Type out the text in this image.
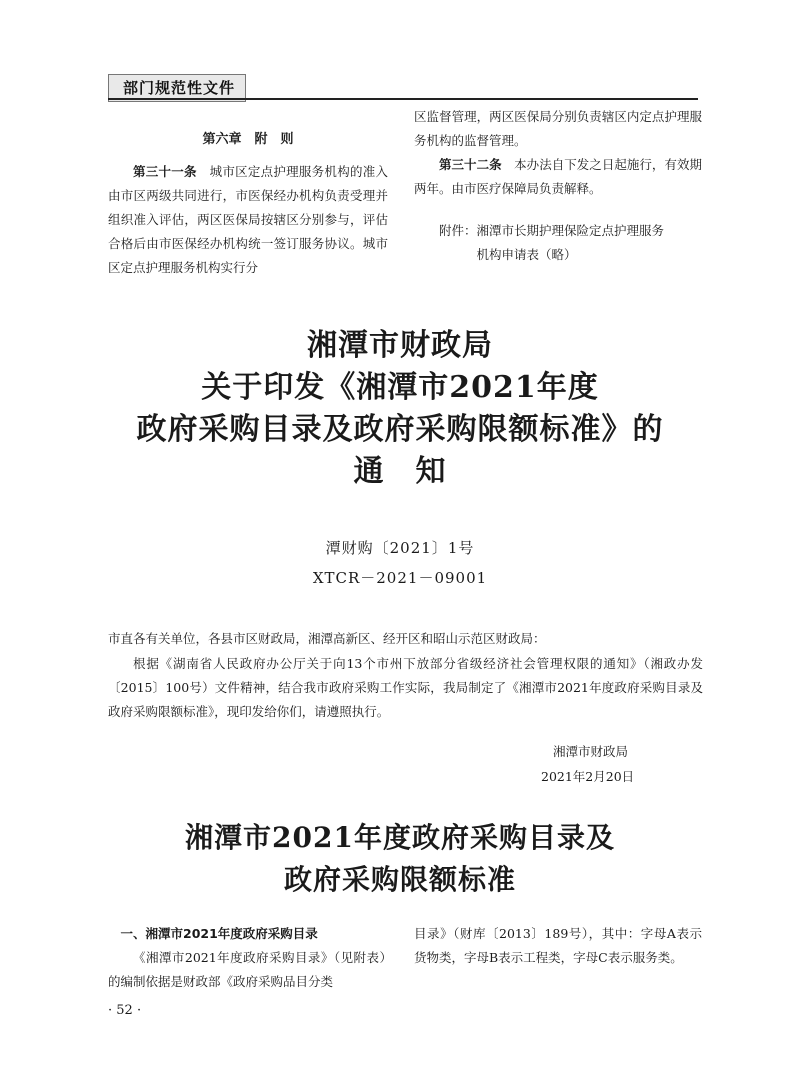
部门规范性文件
第六章　附　则

第三十一条　城市区定点护理服务机构的准入由市区两级共同进行，市医保经办机构负责受理并组织准入评估，两区医保局按辖区分别参与，评估合格后由市医保经办机构统一签订服务协议。城市区定点护理服务机构实行分

区监督管理，两区医保局分别负责辖区内定点护理服务机构的监督管理。

第三十二条　本办法自下发之日起施行，有效期两年。由市医疗保障局负责解释。

附件：湘潭市长期护理保险定点护理服务
机构申请表（略）
湘潭市财政局
关于印发《湘潭市2021年度
政府采购目录及政府采购限额标准》的
通　知
潭财购〔2021〕1号
XTCR－2021－09001
市直各有关单位，各县市区财政局，湘潭高新区、经开区和昭山示范区财政局：
根据《湖南省人民政府办公厅关于向13个市州下放部分省级经济社会管理权限的通知》（湘政办发〔2015〕100号）文件精神，结合我市政府采购工作实际，我局制定了《湘潭市2021年度政府采购目录及政府采购限额标准》，现印发给你们，请遵照执行。
湘潭市财政局
2021年2月20日
湘潭市2021年度政府采购目录及
政府采购限额标准
一、湘潭市2021年度政府采购目录

《湘潭市2021年度政府采购目录》（见附表）的编制依据是财政部《政府采购品目分类

目录》（财库〔2013〕189号），其中：字母A表示货物类，字母B表示工程类，字母C表示服务类。

· 52 ·
